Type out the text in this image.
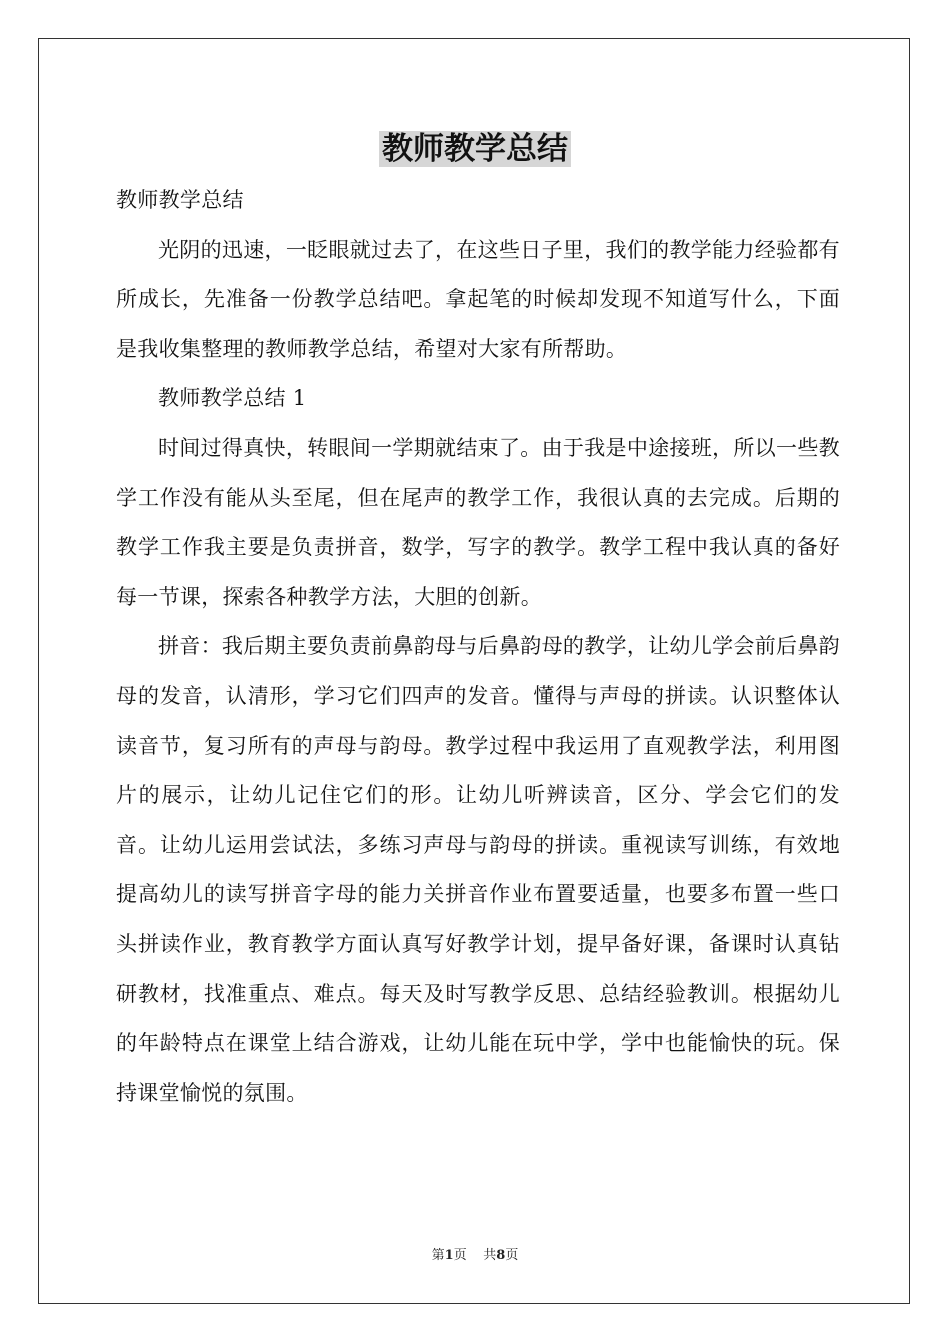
教师教学总结

教师教学总结

光阴的迅速，一眨眼就过去了，在这些日子里，我们的教学能力经验都有所成长，先准备一份教学总结吧。拿起笔的时候却发现不知道写什么，下面是我收集整理的教师教学总结，希望对大家有所帮助。

教师教学总结 1

时间过得真快，转眼间一学期就结束了。由于我是中途接班，所以一些教学工作没有能从头至尾，但在尾声的教学工作，我很认真的去完成。后期的教学工作我主要是负责拼音，数学，写字的教学。教学工程中我认真的备好每一节课，探索各种教学方法，大胆的创新。

拼音：我后期主要负责前鼻韵母与后鼻韵母的教学，让幼儿学会前后鼻韵母的发音，认清形，学习它们四声的发音。懂得与声母的拼读。认识整体认读音节，复习所有的声母与韵母。教学过程中我运用了直观教学法，利用图片的展示，让幼儿记住它们的形。让幼儿听辨读音，区分、学会它们的发音。让幼儿运用尝试法，多练习声母与韵母的拼读。重视读写训练，有效地提高幼儿的读写拼音字母的能力关拼音作业布置要适量，也要多布置一些口头拼读作业，教育教学方面认真写好教学计划，提早备好课，备课时认真钻研教材，找准重点、难点。每天及时写教学反思、总结经验教训。根据幼儿的年龄特点在课堂上结合游戏，让幼儿能在玩中学，学中也能愉快的玩。保持课堂愉悦的氛围。

第1页 共8页
